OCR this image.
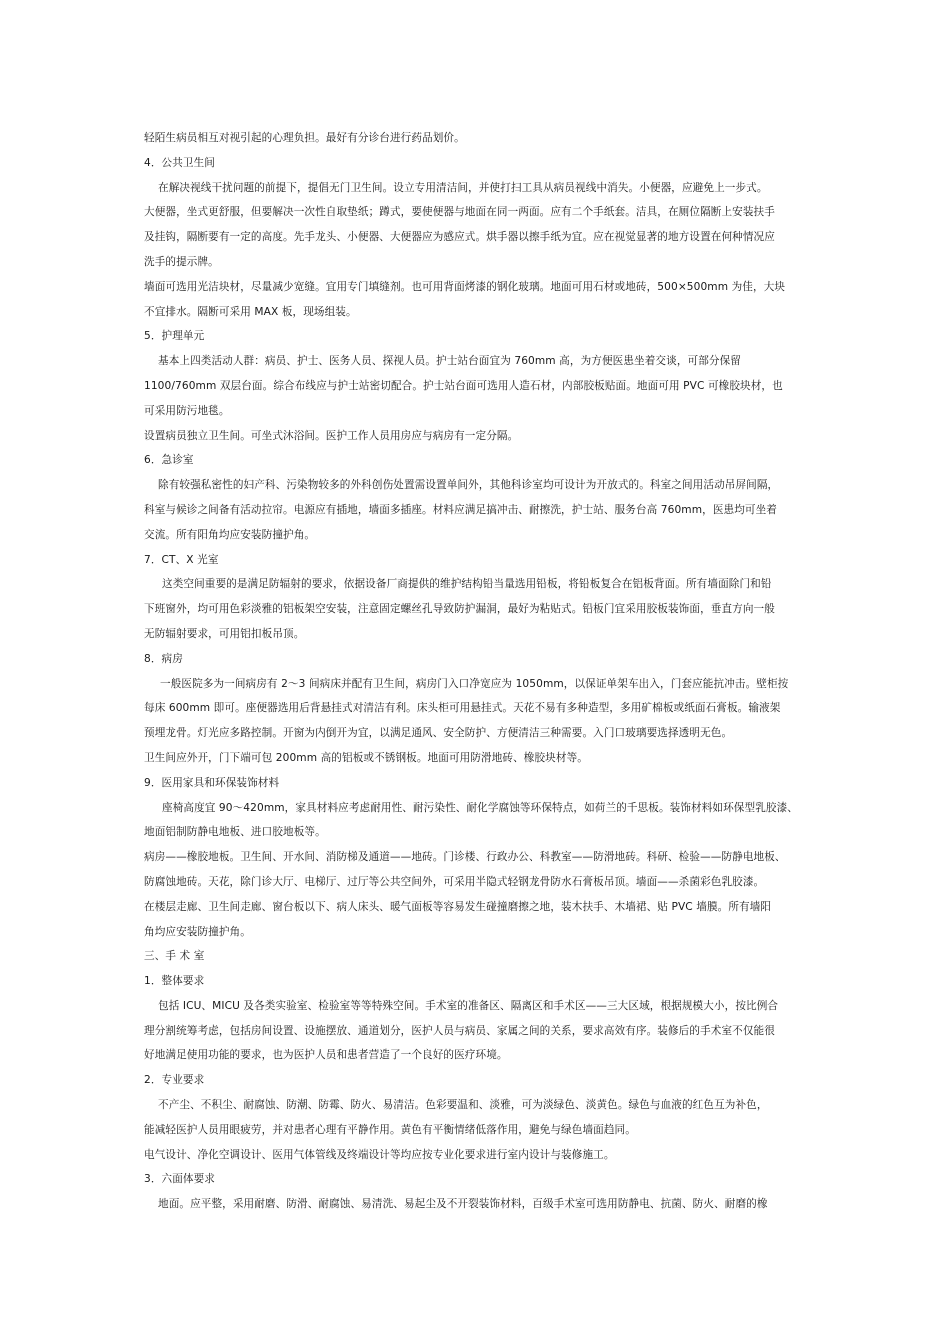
轻陌生病员相互对视引起的心理负担。最好有分诊台进行药品划价。
4．公共卫生间
在解决视线干扰问题的前提下，提倡无门卫生间。设立专用清洁间，并使打扫工具从病员视线中消失。小便器，应避免上一步式。
大便器，坐式更舒服，但要解决一次性自取垫纸；蹲式，要使便器与地面在同一两面。应有二个手纸套。洁具，在厕位隔断上安装扶手
及挂钩，隔断要有一定的高度。先手龙头、小便器、大便器应为感应式。烘手器以擦手纸为宜。应在视觉显著的地方设置在何种情况应
洗手的提示牌。
墙面可选用光洁块材，尽量减少宽缝。宜用专门填缝剂。也可用背面烤漆的钢化玻璃。地面可用石材或地砖，500×500mm 为佳，大块
不宜排水。隔断可采用 MAX 板，现场组装。
5．护理单元
基本上四类活动人群：病员、护士、医务人员、探视人员。护士站台面宜为 760mm 高，为方便医患坐着交谈，可部分保留
1100/760mm 双层台面。综合布线应与护士站密切配合。护士站台面可选用人造石材，内部胶板贴面。地面可用 PVC 可橡胶块材，也
可采用防污地毯。
设置病员独立卫生间。可坐式沐浴间。医护工作人员用房应与病房有一定分隔。
6．急诊室
除有较强私密性的妇产科、污染物较多的外科创伤处置需设置单间外，其他科诊室均可设计为开放式的。科室之间用活动吊屏间隔，
科室与候诊之间备有活动拉帘。电源应有插地，墙面多插座。材料应满足搞冲击、耐擦洗，护士站、服务台高 760mm，医患均可坐着
交流。所有阳角均应安装防撞护角。
7．CT、X 光室
这类空间重要的是满足防辐射的要求，依据设备厂商提供的维护结构铅当量选用铅板，将铅板复合在铝板背面。所有墙面除门和铅
下班窗外，均可用色彩淡雅的铝板架空安装，注意固定螺丝孔导致防护漏洞，最好为粘贴式。铅板门宜采用胶板装饰面，垂直方向一般
无防辐射要求，可用铝扣板吊顶。
8．病房
一般医院多为一间病房有 2～3 间病床并配有卫生间，病房门入口净宽应为 1050mm，以保证单架车出入，门套应能抗冲击。壁柜按
每床 600mm 即可。座便器选用后背悬挂式对清洁有利。床头柜可用悬挂式。天花不易有多种造型，多用矿棉板或纸面石膏板。输液架
预埋龙骨。灯光应多路控制。开窗为内倒开为宜，以满足通风、安全防护、方便清洁三种需要。入门口玻璃要选择透明无色。
卫生间应外开，门下端可包 200mm 高的铝板或不锈钢板。地面可用防滑地砖、橡胶块材等。
9．医用家具和环保装饰材料
座椅高度宜 90～420mm，家具材料应考虑耐用性、耐污染性、耐化学腐蚀等环保特点，如荷兰的千思板。装饰材料如环保型乳胶漆、
地面铝制防静电地板、进口胶地板等。
病房——橡胶地板。卫生间、开水间、消防梯及通道——地砖。门诊楼、行政办公、科教室——防滑地砖。科研、检验——防静电地板、
防腐蚀地砖。天花，除门诊大厅、电梯厅、过厅等公共空间外，可采用半隐式轻钢龙骨防水石膏板吊顶。墙面——杀菌彩色乳胶漆。
在楼层走廊、卫生间走廊、窗台板以下、病人床头、暖气面板等容易发生碰撞磨擦之地，装木扶手、木墙裙、贴 PVC 墙膜。所有墙阳
角均应安装防撞护角。
三、手 术 室
1．整体要求
包括 ICU、MICU 及各类实验室、检验室等等特殊空间。手术室的准备区、隔离区和手术区——三大区域，根据规模大小，按比例合
理分割统筹考虑，包括房间设置、设施摆放、通道划分，医护人员与病员、家属之间的关系，要求高效有序。装修后的手术室不仅能很
好地满足使用功能的要求，也为医护人员和患者营造了一个良好的医疗环境。
2．专业要求
不产尘、不积尘、耐腐蚀、防潮、防霉、防火、易清洁。色彩要温和、淡雅，可为淡绿色、淡黄色。绿色与血液的红色互为补色，
能减轻医护人员用眼疲劳，并对患者心理有平静作用。黄色有平衡情绪低落作用，避免与绿色墙面趋同。
电气设计、净化空调设计、医用气体管线及终端设计等均应按专业化要求进行室内设计与装修施工。
3．六面体要求
地面。应平整，采用耐磨、防滑、耐腐蚀、易清洗、易起尘及不开裂装饰材料，百级手术室可选用防静电、抗菌、防火、耐磨的橡
